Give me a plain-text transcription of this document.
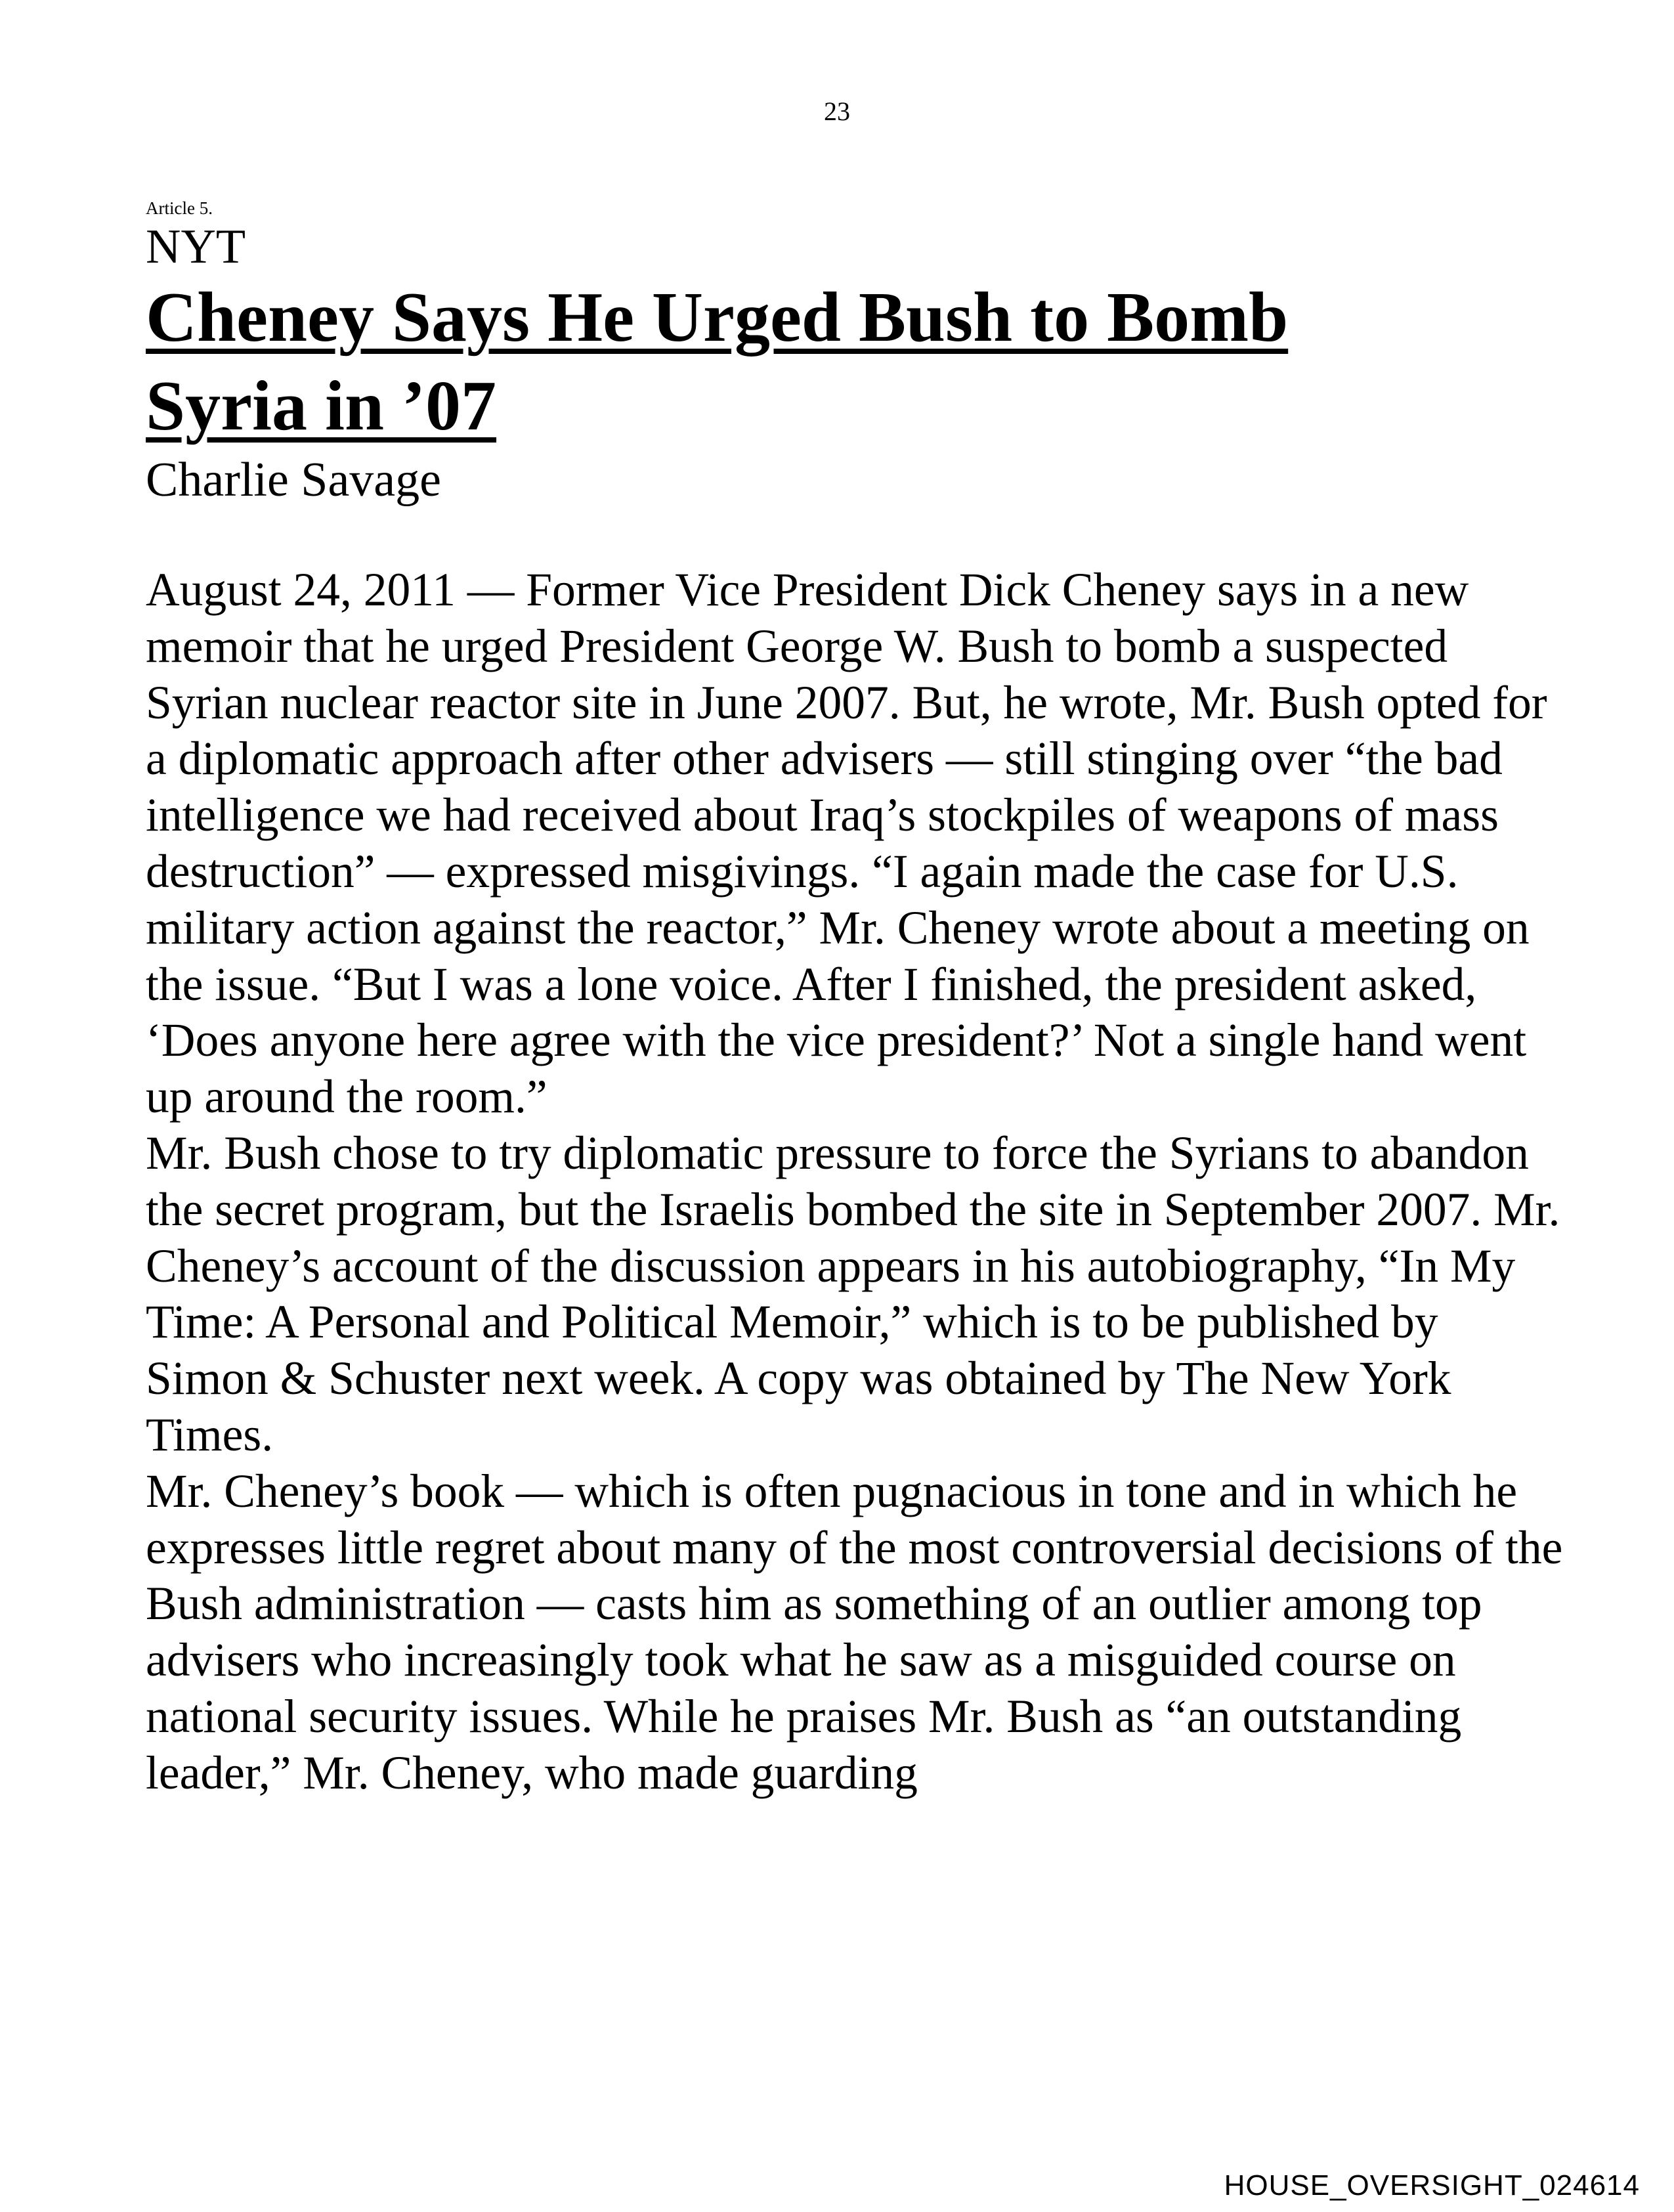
23
Article 5.
NYT
Cheney Says He Urged Bush to Bomb
Syria in ’07
Charlie Savage

August 24, 2011 — Former Vice President Dick Cheney says in a new memoir that he urged President George W. Bush to bomb a suspected Syrian nuclear reactor site in June 2007. But, he wrote, Mr. Bush opted for a diplomatic approach after other advisers — still stinging over “the bad intelligence we had received about Iraq’s stockpiles of weapons of mass destruction” — expressed misgivings. “I again made the case for U.S. military action against the reactor,” Mr. Cheney wrote about a meeting on the issue. “But I was a lone voice. After I finished, the president asked, ‘Does anyone here agree with the vice president?’ Not a single hand went up around the room.”

Mr. Bush chose to try diplomatic pressure to force the Syrians to abandon the secret program, but the Israelis bombed the site in September 2007. Mr. Cheney’s account of the discussion appears in his autobiography, “In My Time: A Personal and Political Memoir,” which is to be published by Simon & Schuster next week. A copy was obtained by The New York Times.

Mr. Cheney’s book — which is often pugnacious in tone and in which he expresses little regret about many of the most controversial decisions of the Bush administration — casts him as something of an outlier among top advisers who increasingly took what he saw as a misguided course on national security issues. While he praises Mr. Bush as “an outstanding leader,” Mr. Cheney, who made guarding

HOUSE_OVERSIGHT_024614
